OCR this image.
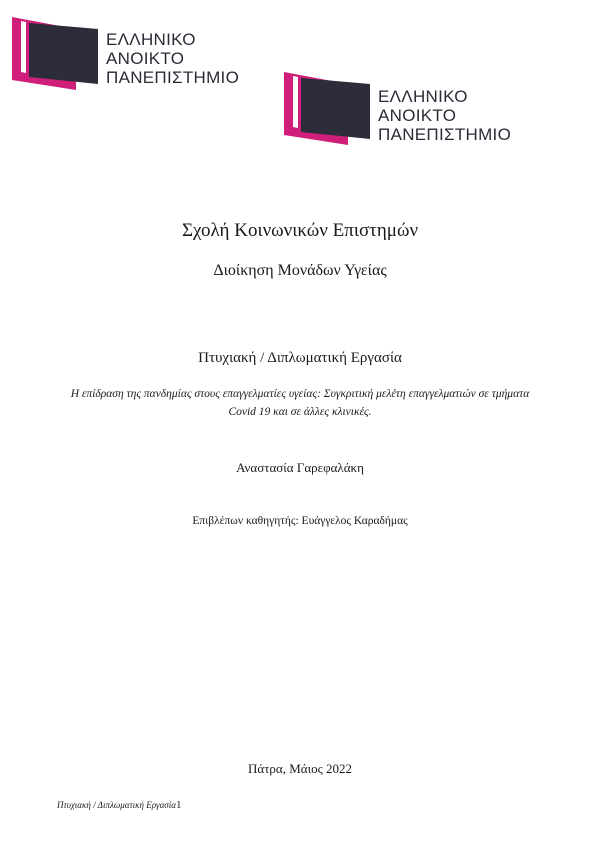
ΕΛΛΗΝΙΚΟ
ΑΝΟΙΚΤΟ
ΠΑΝΕΠΙΣΤΗΜΙΟ
ΕΛΛΗΝΙΚΟ
ΑΝΟΙΚΤΟ
ΠΑΝΕΠΙΣΤΗΜΙΟ
Σχολή Κοινωνικών Επιστημών
Διοίκηση Μονάδων Υγείας
Πτυχιακή / Διπλωματική Εργασία
Η επίδραση της πανδημίας στους επαγγελματίες υγείας: Συγκριτική μελέτη επαγγελματιών σε τμήματα
Covid 19 και σε άλλες κλινικές.
Αναστασία Γαρεφαλάκη
Επιβλέπων καθηγητής: Ευάγγελος Καραδήμας
Πάτρα, Μάιος 2022
Πτυχιακή / Διπλωματική Εργασία1
